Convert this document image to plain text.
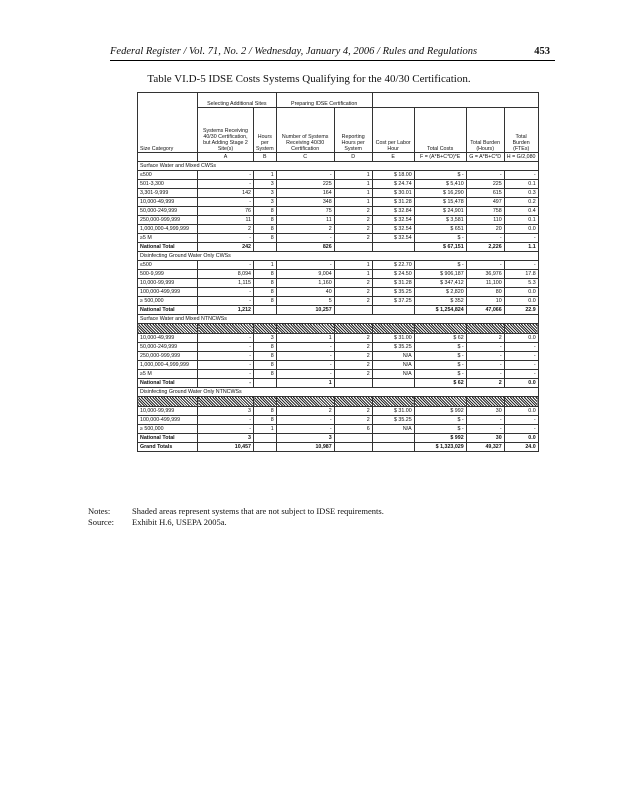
Federal Register / Vol. 71, No. 2 / Wednesday, January 4, 2006 / Rules and Regulations	453
Table VI.D-5 IDSE Costs Systems Qualifying for the 40/30 Certification.
	Selecting Additional Sites		Preparing IDSE Certification					
Size Category	Systems Receiving 40/30 Certification, but Adding Stage 2 Site(s)	Hours per System	Number of Systems Receiving 40/30 Certification	Reporting Hours per System	Cost per Labor Hour	Total Costs	Total Burden (Hours)	Total Burden (FTEs)
	A	B	C	D	E	F = (A*B+C*D)*E	G = A*B+C*D	H = G/2,080
Surface Water and Mixed CWSs								
≤500	-	1	-	1	$ 18.00	$ -	-	-
501-3,300	-	3	225	1	$ 24.74	$ 5,410	225	0.1
3,301-9,999	142	3	164	1	$ 30.01	$ 16,290	615	0.3
10,000-49,999	-	3	348	1	$ 31.28	$ 15,478	497	0.2
50,000-249,999	76	8	75	2	$ 32.84	$ 24,901	758	0.4
250,000-999,999	11	8	11	2	$ 32.54	$ 3,581	110	0.1
1,000,000-4,999,999	2	8	2	2	$ 32.54	$ 651	20	0.0
≥5 M	-	8	-	2	$ 32.54	$ -	-	-
National Total	242		826			$ 67,151	2,226	1.1
Disinfecting Ground Water Only CWSs								
≤500	-	1	-	1	$ 22.70	$ -	-	-
500-9,999	8,094	8	9,004	1	$ 24.50	$ 906,187	36,976	17.8
10,000-99,999	1,115	8	1,160	2	$ 31.28	$ 347,412	11,100	5.3
100,000-499,999	-	8	40	2	$ 35.25	$ 2,820	80	0.0
≥ 500,000	-	8	5	2	$ 37.25	$ 352	10	0.0
National Total	1,212		10,257			$ 1,254,824	47,066	22.9
Surface Water and Mixed NTNCWSs								

10,000-49,999	-	3	1	2	$ 31.00	$ 62	2	0.0
50,000-249,999	-	8	-	2	$ 35.25	$ -	-	-
250,000-999,999	-	8	-	2	N/A	$ -	-	-
1,000,000-4,999,999	-	8	-	2	N/A	$ -	-	-
≥5 M	-	8	-	2	N/A	$ -	-	-
National Total	-		1			$ 62	2	0.0
Disinfecting Ground Water Only NTNCWSs								

10,000-99,999	3	8	2	2	$ 31.00	$ 992	30	0.0
100,000-499,999	-	8	-	2	$ 35.25	$ -	-	-
≥ 500,000	-	1	-	6	N/A	$ -	-	-
National Total	3		3			$ 992	30	0.0
Grand Totals	10,457		10,987			$ 1,323,029	49,327	24.0
Notes:	Shaded areas represent systems that are not subject to IDSE requirements.
Source: Exhibit H.6, USEPA 2005a.
